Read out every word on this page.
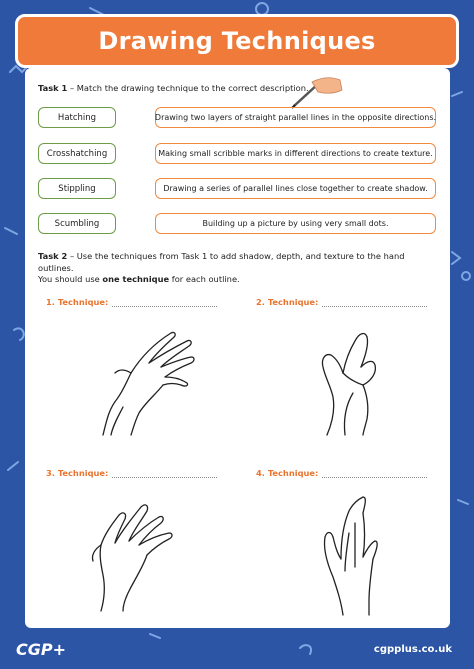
Drawing Techniques
Task 1 – Match the drawing technique to the correct description.
Hatching
Crosshatching
Stippling
Scumbling
Drawing two layers of straight parallel lines in the opposite directions.
Making small scribble marks in different directions to create texture.
Drawing a series of parallel lines close together to create shadow.
Building up a picture by using very small dots.
Task 2 – Use the techniques from Task 1 to add shadow, depth, and texture to the hand outlines.
You should use one technique for each outline.
1. Technique:	2. Technique:
3. Technique:	4. Technique:
CGP+	cgpplus.co.uk
